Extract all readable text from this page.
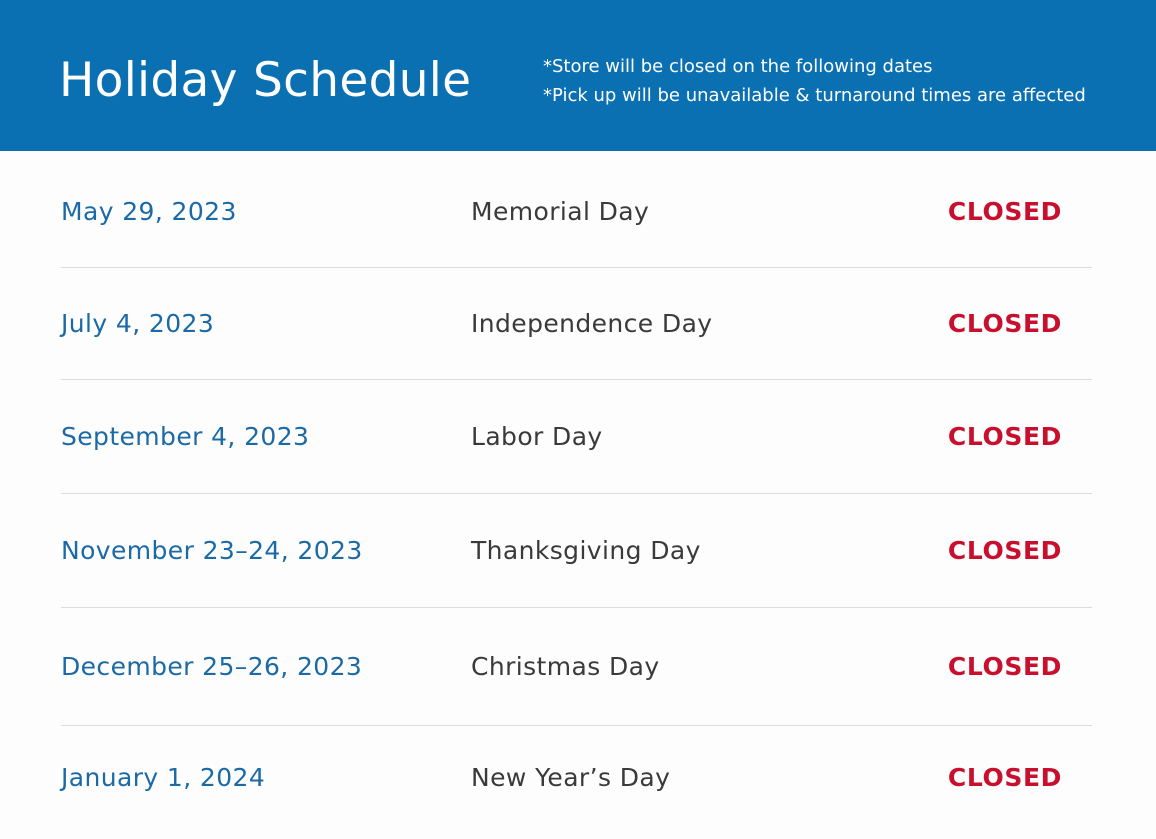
Holiday Schedule	*Store will be closed on the following dates
*Pick up will be unavailable & turnaround times are affected
May 29, 2023	Memorial Day	CLOSED
July 4, 2023	Independence Day	CLOSED
September 4, 2023	Labor Day	CLOSED
November 23–24, 2023	Thanksgiving Day	CLOSED
December 25–26, 2023	Christmas Day	CLOSED
January 1, 2024	New Year’s Day	CLOSED
